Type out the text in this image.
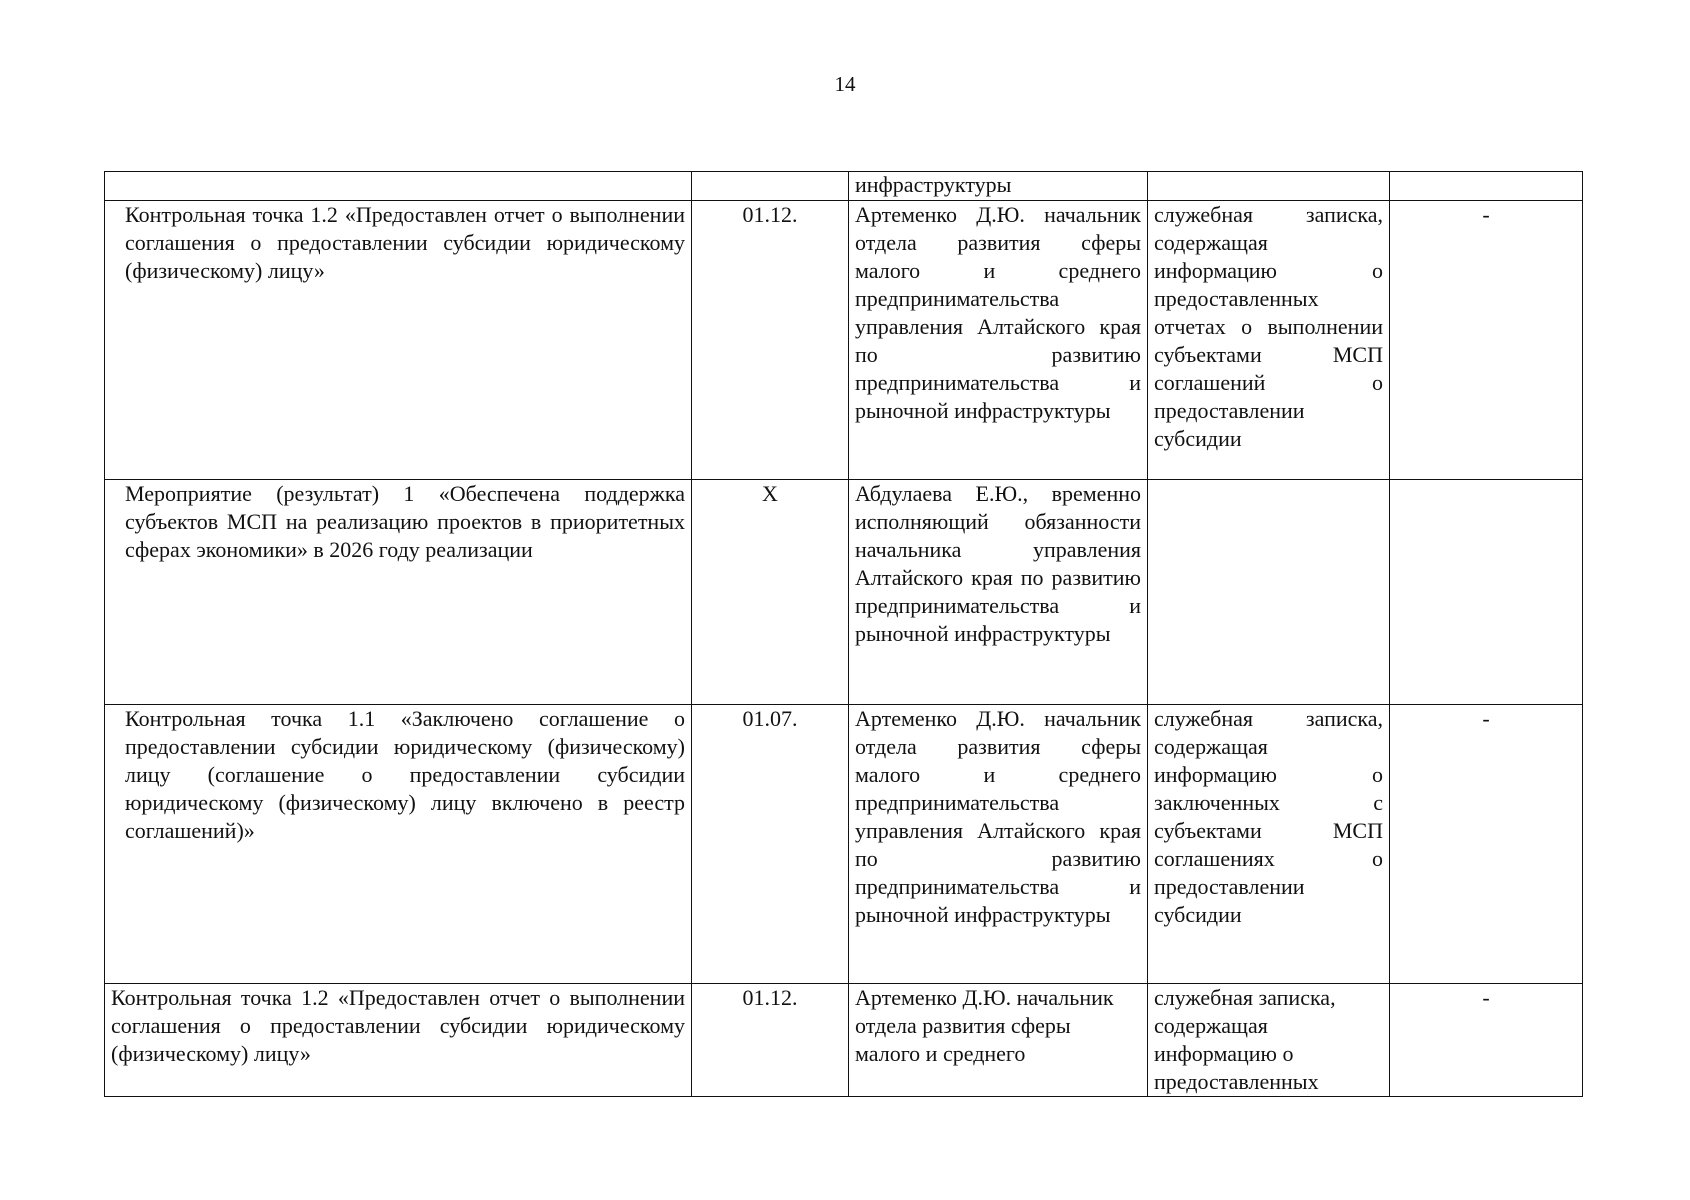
14
		инфраструктуры		
Контрольная точка 1.2 «Предоставлен отчет о выполнении соглашения о предоставлении субсидии юридическому (физическому) лицу»	01.12.	Артеменко Д.Ю. начальник отдела развития сферы малого и среднего предпринимательства управления Алтайского края по развитию предпринимательства и рыночной инфраструктуры	служебная записка, содержащая информацию о предоставленных отчетах о выполнении субъектами МСП соглашений о предоставлении субсидии	-
Мероприятие (результат) 1 «Обеспечена поддержка субъектов МСП на реализацию проектов в приоритетных сферах экономики» в 2026 году реализации	X	Абдулаева Е.Ю., временно исполняющий обязанности начальника управления Алтайского края по развитию предпринимательства и рыночной инфраструктуры		
Контрольная точка 1.1 «Заключено соглашение о предоставлении субсидии юридическому (физическому) лицу (соглашение о предоставлении субсидии юридическому (физическому) лицу включено в реестр соглашений)»	01.07.	Артеменко Д.Ю. начальник отдела развития сферы малого и среднего предпринимательства управления Алтайского края по развитию предпринимательства и рыночной инфраструктуры	служебная записка, содержащая информацию о заключенных с субъектами МСП соглашениях о предоставлении субсидии	-
Контрольная точка 1.2 «Предоставлен отчет о выполнении соглашения о предоставлении субсидии юридическому (физическому) лицу»	01.12.	Артеменко Д.Ю. начальник отдела развития сферы малого и среднего	служебная записка, содержащая информацию о предоставленных	-
